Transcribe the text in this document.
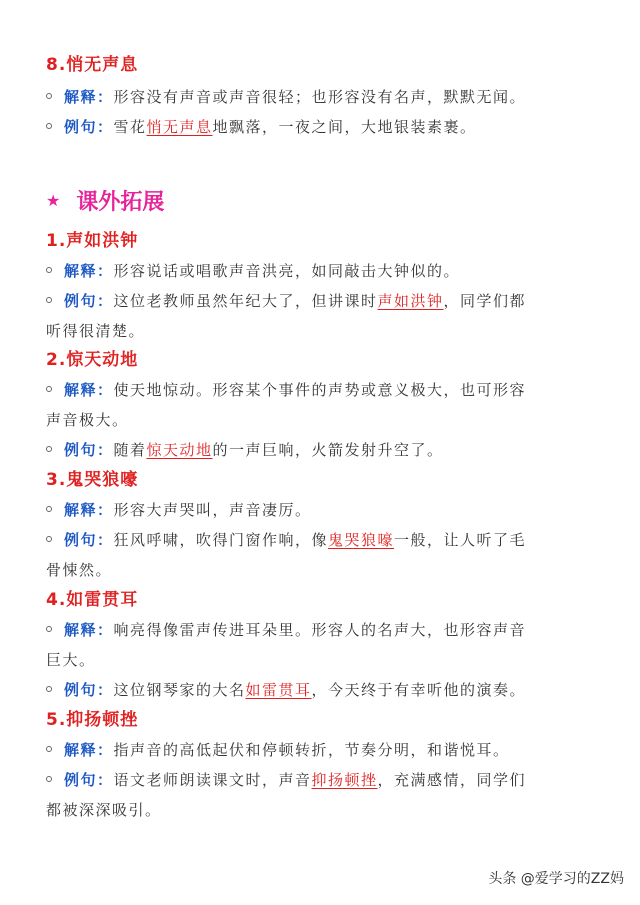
8.悄无声息
解释：形容没有声音或声音很轻；也形容没有名声，默默无闻。
例句：雪花悄无声息地飘落，一夜之间，大地银装素裹。
★ 课外拓展
1.声如洪钟
解释：形容说话或唱歌声音洪亮，如同敲击大钟似的。
例句：这位老教师虽然年纪大了，但讲课时声如洪钟，同学们都
听得很清楚。
2.惊天动地
解释：使天地惊动。形容某个事件的声势或意义极大，也可形容
声音极大。
例句：随着惊天动地的一声巨响，火箭发射升空了。
3.鬼哭狼嚎
解释：形容大声哭叫，声音凄厉。
例句：狂风呼啸，吹得门窗作响，像鬼哭狼嚎一般，让人听了毛
骨悚然。
4.如雷贯耳
解释：响亮得像雷声传进耳朵里。形容人的名声大，也形容声音
巨大。
例句：这位钢琴家的大名如雷贯耳，今天终于有幸听他的演奏。
5.抑扬顿挫
解释：指声音的高低起伏和停顿转折，节奏分明，和谐悦耳。
例句：语文老师朗读课文时，声音抑扬顿挫，充满感情，同学们
都被深深吸引。
头条 @爱学习的ZZ妈
